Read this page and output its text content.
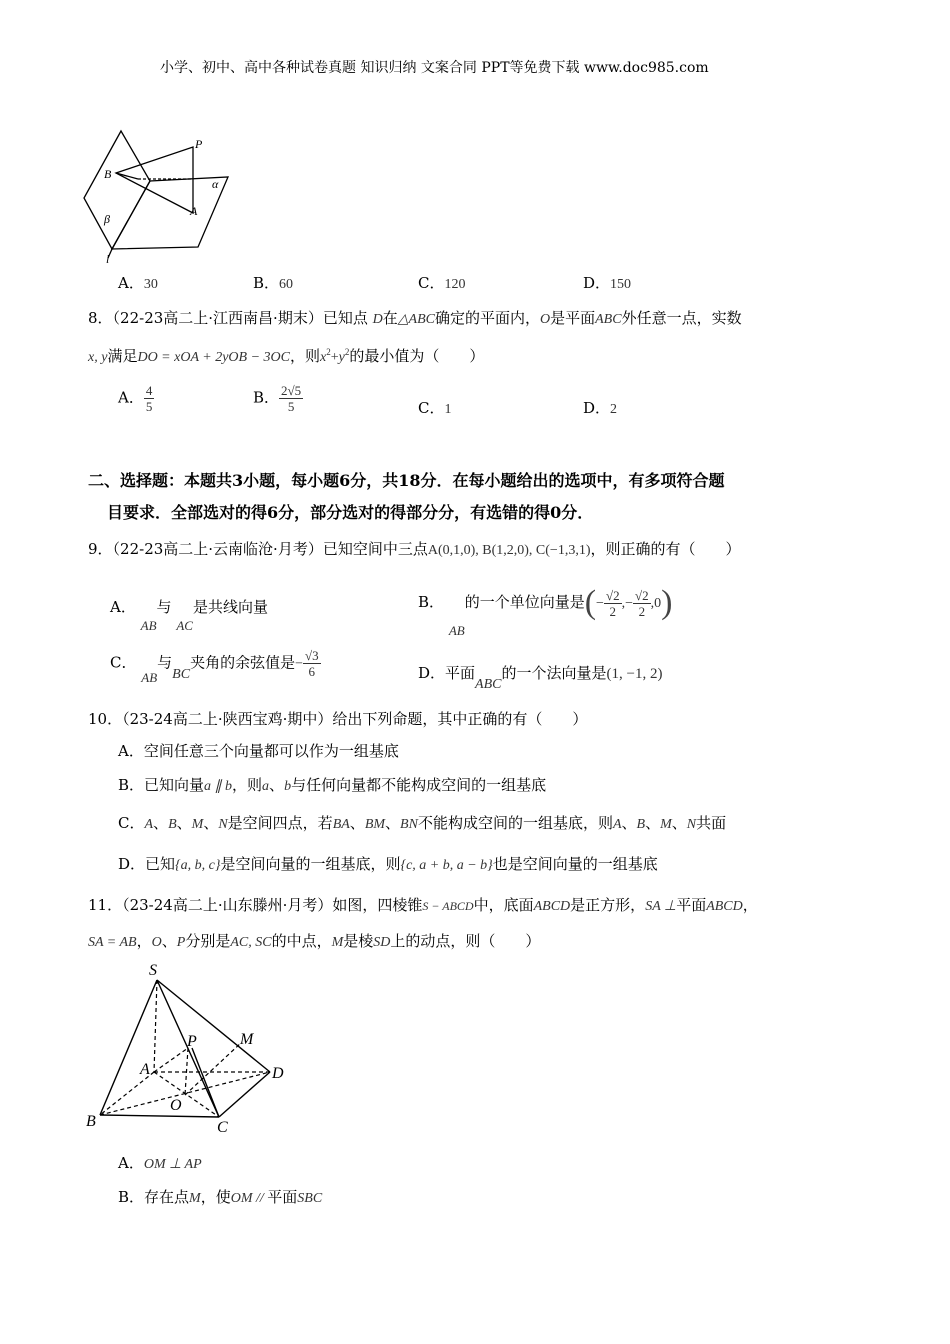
小学、初中、高中各种试卷真题 知识归纳 文案合同 PPT等免费下载 www.doc985.com
P
B
α
β
A
l
A．30	B．60	C．120	D．150
8．（22-23高二上·江西南昌·期末）已知点 D在△ABC确定的平面内，O是平面ABC外任意一点，实数
x, y满足DO = xOA + 2yOB − 3OC，则$x^2+y^2$的最小值为（　　）
A． $\frac{4}{5}$	B． $\frac{2√5}{5}$	C．1	D．2
二、选择题：本题共3小题，每小题6分，共18分．在每小题给出的选项中，有多项符合题
目要求．全部选对的得6分，部分选对的得部分分，有选错的得0分．
9．（22-23高二上·云南临沧·月考）已知空间中三点A(0,1,0), B(1,2,0), C(−1,3,1)，则正确的有（　　）
A． AB与 AC是共线向量	B． AB的一个单位向量是(− $\frac{√2}{2}$ ,− $\frac{√2}{2} ,0$)
C． AB与BC夹角的余弦值是− $\frac{√3}{6}$	D．平面ABC的一个法向量是(1, −1, 2)
10．（23-24高二上·陕西宝鸡·期中）给出下列命题，其中正确的有（　　）
A．空间任意三个向量都可以作为一组基底
B．已知向量a ∥ b，则a、b与任何向量都不能构成空间的一组基底
C．A、B、M、N是空间四点，若BA、BM、BN不能构成空间的一组基底，则A、B、M、N共面
D．已知{a, b, c}是空间向量的一组基底，则{c, a + b, a − b}也是空间向量的一组基底
11．（23-24高二上·山东滕州·月考）如图，四棱锥S − ABCD中，底面ABCD是正方形，SA ⊥平面ABCD，
SA = AB，O、P分别是AC, SC的中点，M是棱SD上的动点，则（　　）
S
P	M
A	D
O
B	C
A．OM ⊥ AP
B．存在点M，使OM // 平面SBC
